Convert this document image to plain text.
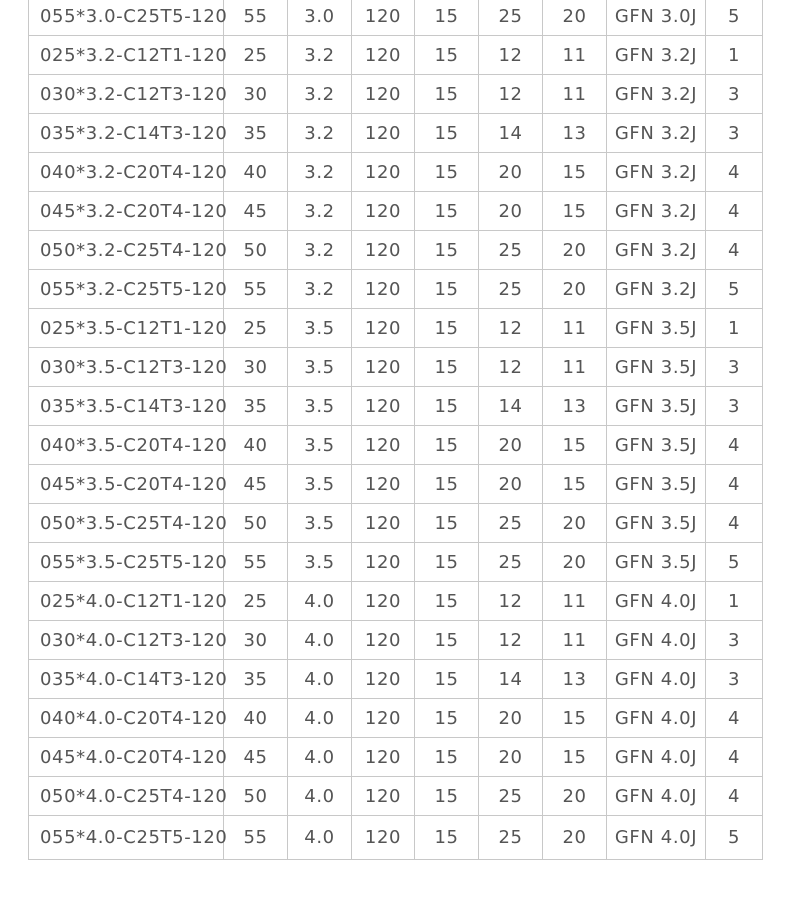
055*3.0-C25T5-120	55	3.0	120	15	25	20	GFN 3.0J	5
025*3.2-C12T1-120	25	3.2	120	15	12	11	GFN 3.2J	1
030*3.2-C12T3-120	30	3.2	120	15	12	11	GFN 3.2J	3
035*3.2-C14T3-120	35	3.2	120	15	14	13	GFN 3.2J	3
040*3.2-C20T4-120	40	3.2	120	15	20	15	GFN 3.2J	4
045*3.2-C20T4-120	45	3.2	120	15	20	15	GFN 3.2J	4
050*3.2-C25T4-120	50	3.2	120	15	25	20	GFN 3.2J	4
055*3.2-C25T5-120	55	3.2	120	15	25	20	GFN 3.2J	5
025*3.5-C12T1-120	25	3.5	120	15	12	11	GFN 3.5J	1
030*3.5-C12T3-120	30	3.5	120	15	12	11	GFN 3.5J	3
035*3.5-C14T3-120	35	3.5	120	15	14	13	GFN 3.5J	3
040*3.5-C20T4-120	40	3.5	120	15	20	15	GFN 3.5J	4
045*3.5-C20T4-120	45	3.5	120	15	20	15	GFN 3.5J	4
050*3.5-C25T4-120	50	3.5	120	15	25	20	GFN 3.5J	4
055*3.5-C25T5-120	55	3.5	120	15	25	20	GFN 3.5J	5
025*4.0-C12T1-120	25	4.0	120	15	12	11	GFN 4.0J	1
030*4.0-C12T3-120	30	4.0	120	15	12	11	GFN 4.0J	3
035*4.0-C14T3-120	35	4.0	120	15	14	13	GFN 4.0J	3
040*4.0-C20T4-120	40	4.0	120	15	20	15	GFN 4.0J	4
045*4.0-C20T4-120	45	4.0	120	15	20	15	GFN 4.0J	4
050*4.0-C25T4-120	50	4.0	120	15	25	20	GFN 4.0J	4
055*4.0-C25T5-120	55	4.0	120	15	25	20	GFN 4.0J	5
